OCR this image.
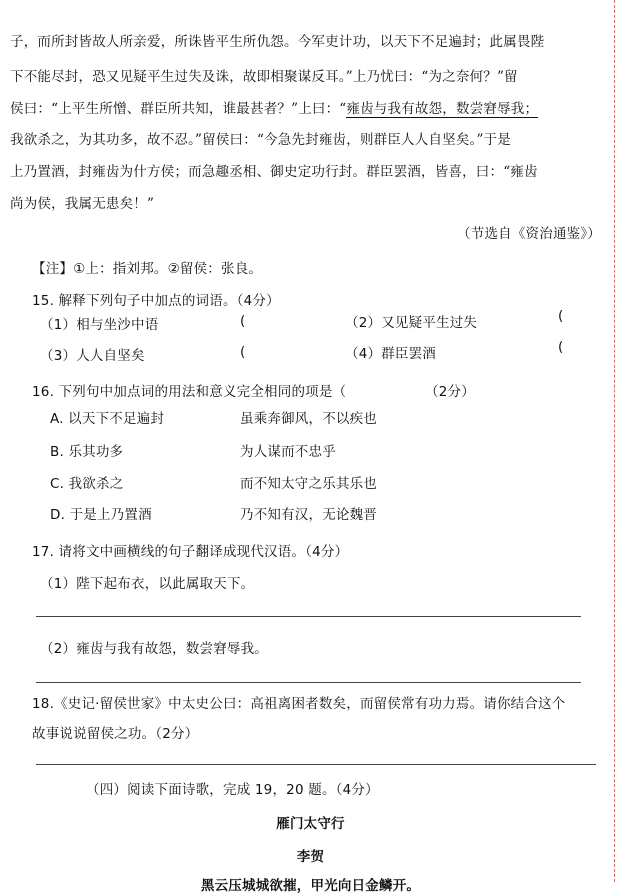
子，而所封皆故人所亲爱，所诛皆平生所仇怨。今军吏计功，以天下不足遍封；此属畏陛
下不能尽封，恐又见疑平生过失及诛，故即相聚谋反耳。”上乃忧曰：“为之奈何？”留
侯曰：“上平生所憎、群臣所共知，谁最甚者？”上曰：“雍齿与我有故怨，数尝窘辱我；
我欲杀之，为其功多，故不忍。”留侯曰：“今急先封雍齿，则群臣人人自坚矣。”于是
上乃置酒，封雍齿为什方侯；而急趣丞相、御史定功行封。群臣罢酒，皆喜，曰：“雍齿
尚为侯，我属无患矣！”
（节选自《资治通鉴》）
【注】①上：指刘邦。②留侯：张良。
15. 解释下列句子中加点的词语。（4分）
（1）相与坐沙中语	(	（2）又见疑平生过失	(
（3）人人自坚矣	(	（4）群臣罢酒	(
16. 下列句中加点词的用法和意义完全相同的项是（	（2分）
A. 以天下不足遍封	虽乘奔御风，不以疾也
B. 乐其功多	为人谋而不忠乎
C. 我欲杀之	而不知太守之乐其乐也
D. 于是上乃置酒	乃不知有汉，无论魏晋
17. 请将文中画横线的句子翻译成现代汉语。（4分）
（1）陛下起布衣，以此属取天下。
（2）雍齿与我有故怨，数尝窘辱我。
18.《史记·留侯世家》中太史公曰：高祖离困者数矣，而留侯常有功力焉。请你结合这个
故事说说留侯之功。（2分）
（四）阅读下面诗歌，完成 19，20 题。（4分）
雁门太守行
李贺
黑云压城城欲摧，甲光向日金鳞开。
